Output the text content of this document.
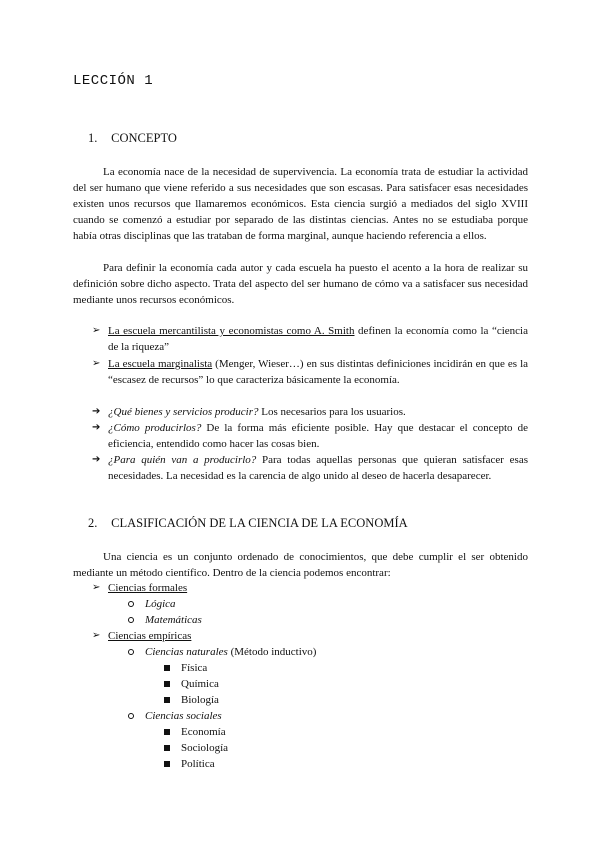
LECCIÓN 1
1. CONCEPTO

La economía nace de la necesidad de supervivencia. La economía trata de estudiar la actividad del ser humano que viene referido a sus necesidades que son escasas. Para satisfacer esas necesidades existen unos recursos que llamaremos económicos. Esta ciencia surgió a mediados del siglo XVIII cuando se comenzó a estudiar por separado de las distintas ciencias. Antes no se estudiaba porque había otras disciplinas que las trataban de forma marginal, aunque haciendo referencia a ellos.

Para definir la economía cada autor y cada escuela ha puesto el acento a la hora de realizar su definición sobre dicho aspecto. Trata del aspecto del ser humano de cómo va a satisfacer sus necesidad mediante unos recursos económicos.

➢ La escuela mercantilista y economistas como A. Smith definen la economía como la “ciencia de la riqueza”
➢ La escuela marginalista (Menger, Wieser…) en sus distintas definiciones incidirán en que es la “escasez de recursos” lo que caracteriza básicamente la economía.
➔ ¿Qué bienes y servicios producir? Los necesarios para los usuarios.
➔ ¿Cómo producirlos? De la forma más eficiente posible. Hay que destacar el concepto de eficiencia, entendido como hacer las cosas bien.
➔ ¿Para quién van a producirlo? Para todas aquellas personas que quieran satisfacer esas necesidades. La necesidad es la carencia de algo unido al deseo de hacerla desaparecer.
2. CLASIFICACIÓN DE LA CIENCIA DE LA ECONOMÍA

Una ciencia es un conjunto ordenado de conocimientos, que debe cumplir el ser obtenido mediante un método científico. Dentro de la ciencia podemos encontrar:

➢ Ciencias formales
Lógica
Matemáticas
➢ Ciencias empíricas
Ciencias naturales (Método inductivo)
Física
Química
Biología
Ciencias sociales
Economía
Sociología
Política
